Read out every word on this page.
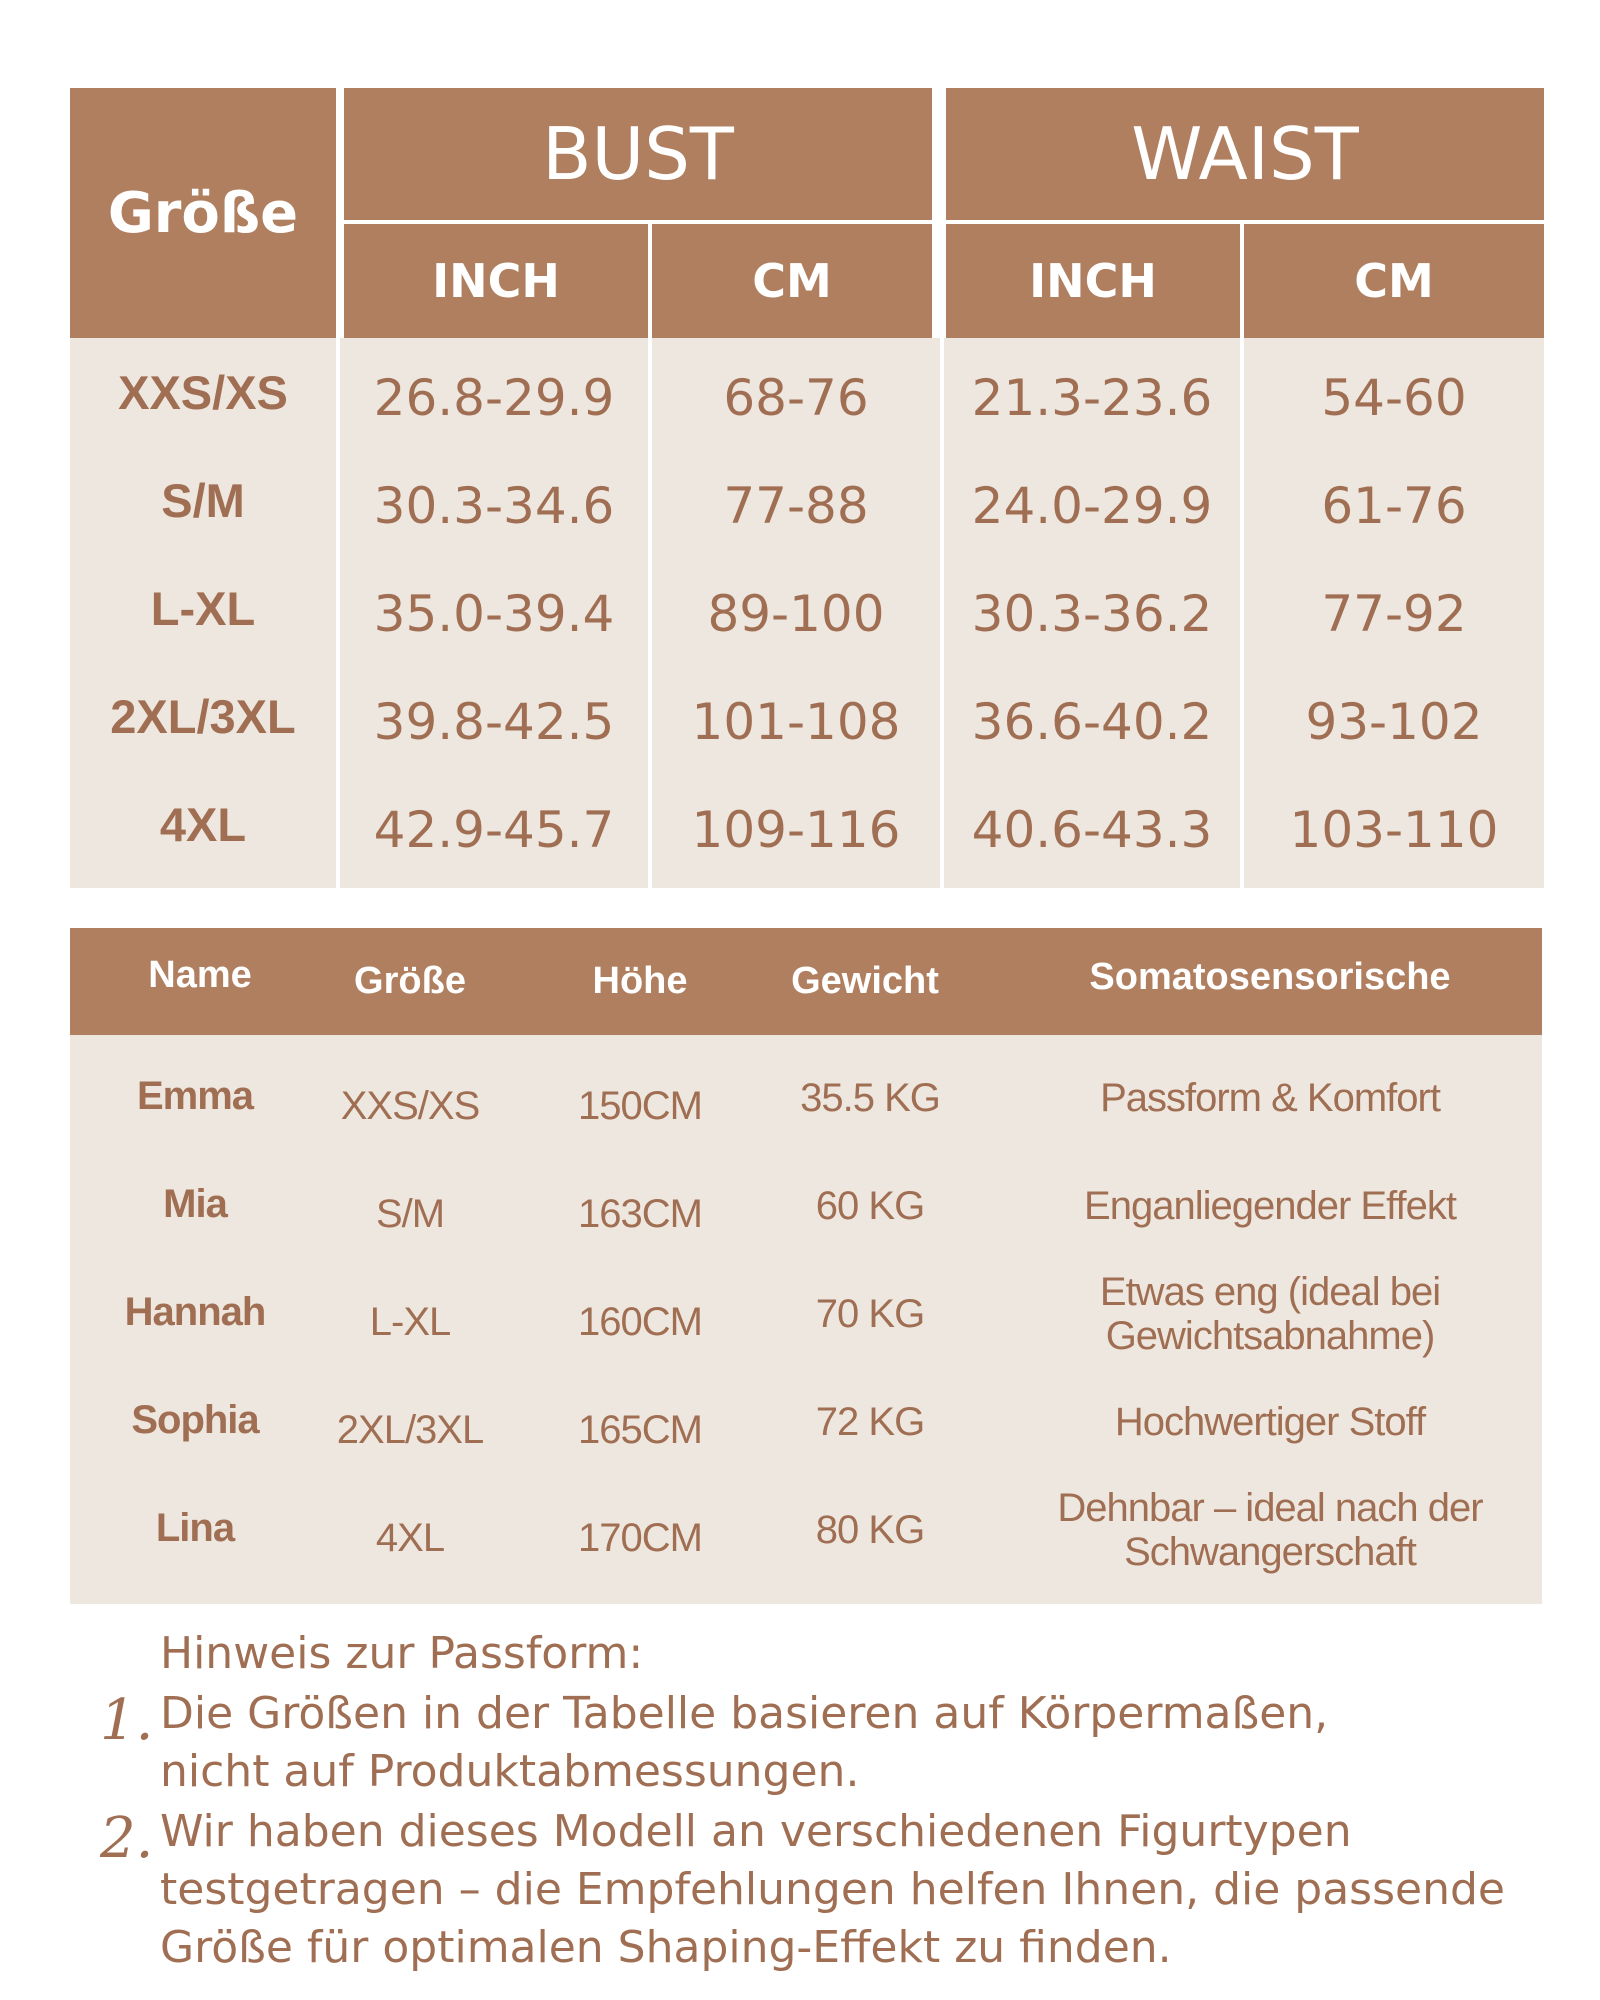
Größe
BUST	WAIST
INCH	CM	INCH	CM
XXS/XS	26.8-29.9	68-76	21.3-23.6	54-60
S/M	30.3-34.6	77-88	24.0-29.9	61-76
L-XL	35.0-39.4	89-100	30.3-36.2	77-92
2XL/3XL	39.8-42.5	101-108	36.6-40.2	93-102
4XL	42.9-45.7	109-116	40.6-43.3	103-110
Name	Größe	Höhe	Gewicht	Somatosensorische
Emma	XXS/XS	150CM	35.5 KG	Passform & Komfort
Mia	S/M	163CM	60 KG	Enganliegender Effekt
Hannah	L-XL	160CM	70 KG	Etwas eng (ideal bei
Gewichtsabnahme)
Sophia	2XL/3XL	165CM	72 KG	Hochwertiger Stoff
Lina	4XL	170CM	80 KG	Dehnbar – ideal nach der
Schwangerschaft
Hinweis zur Passform:
1. Die Größen in der Tabelle basieren auf Körpermaßen,
nicht auf Produktabmessungen.
2. Wir haben dieses Modell an verschiedenen Figurtypen
testgetragen – die Empfehlungen helfen Ihnen, die passende
Größe für optimalen Shaping-Effekt zu finden.
